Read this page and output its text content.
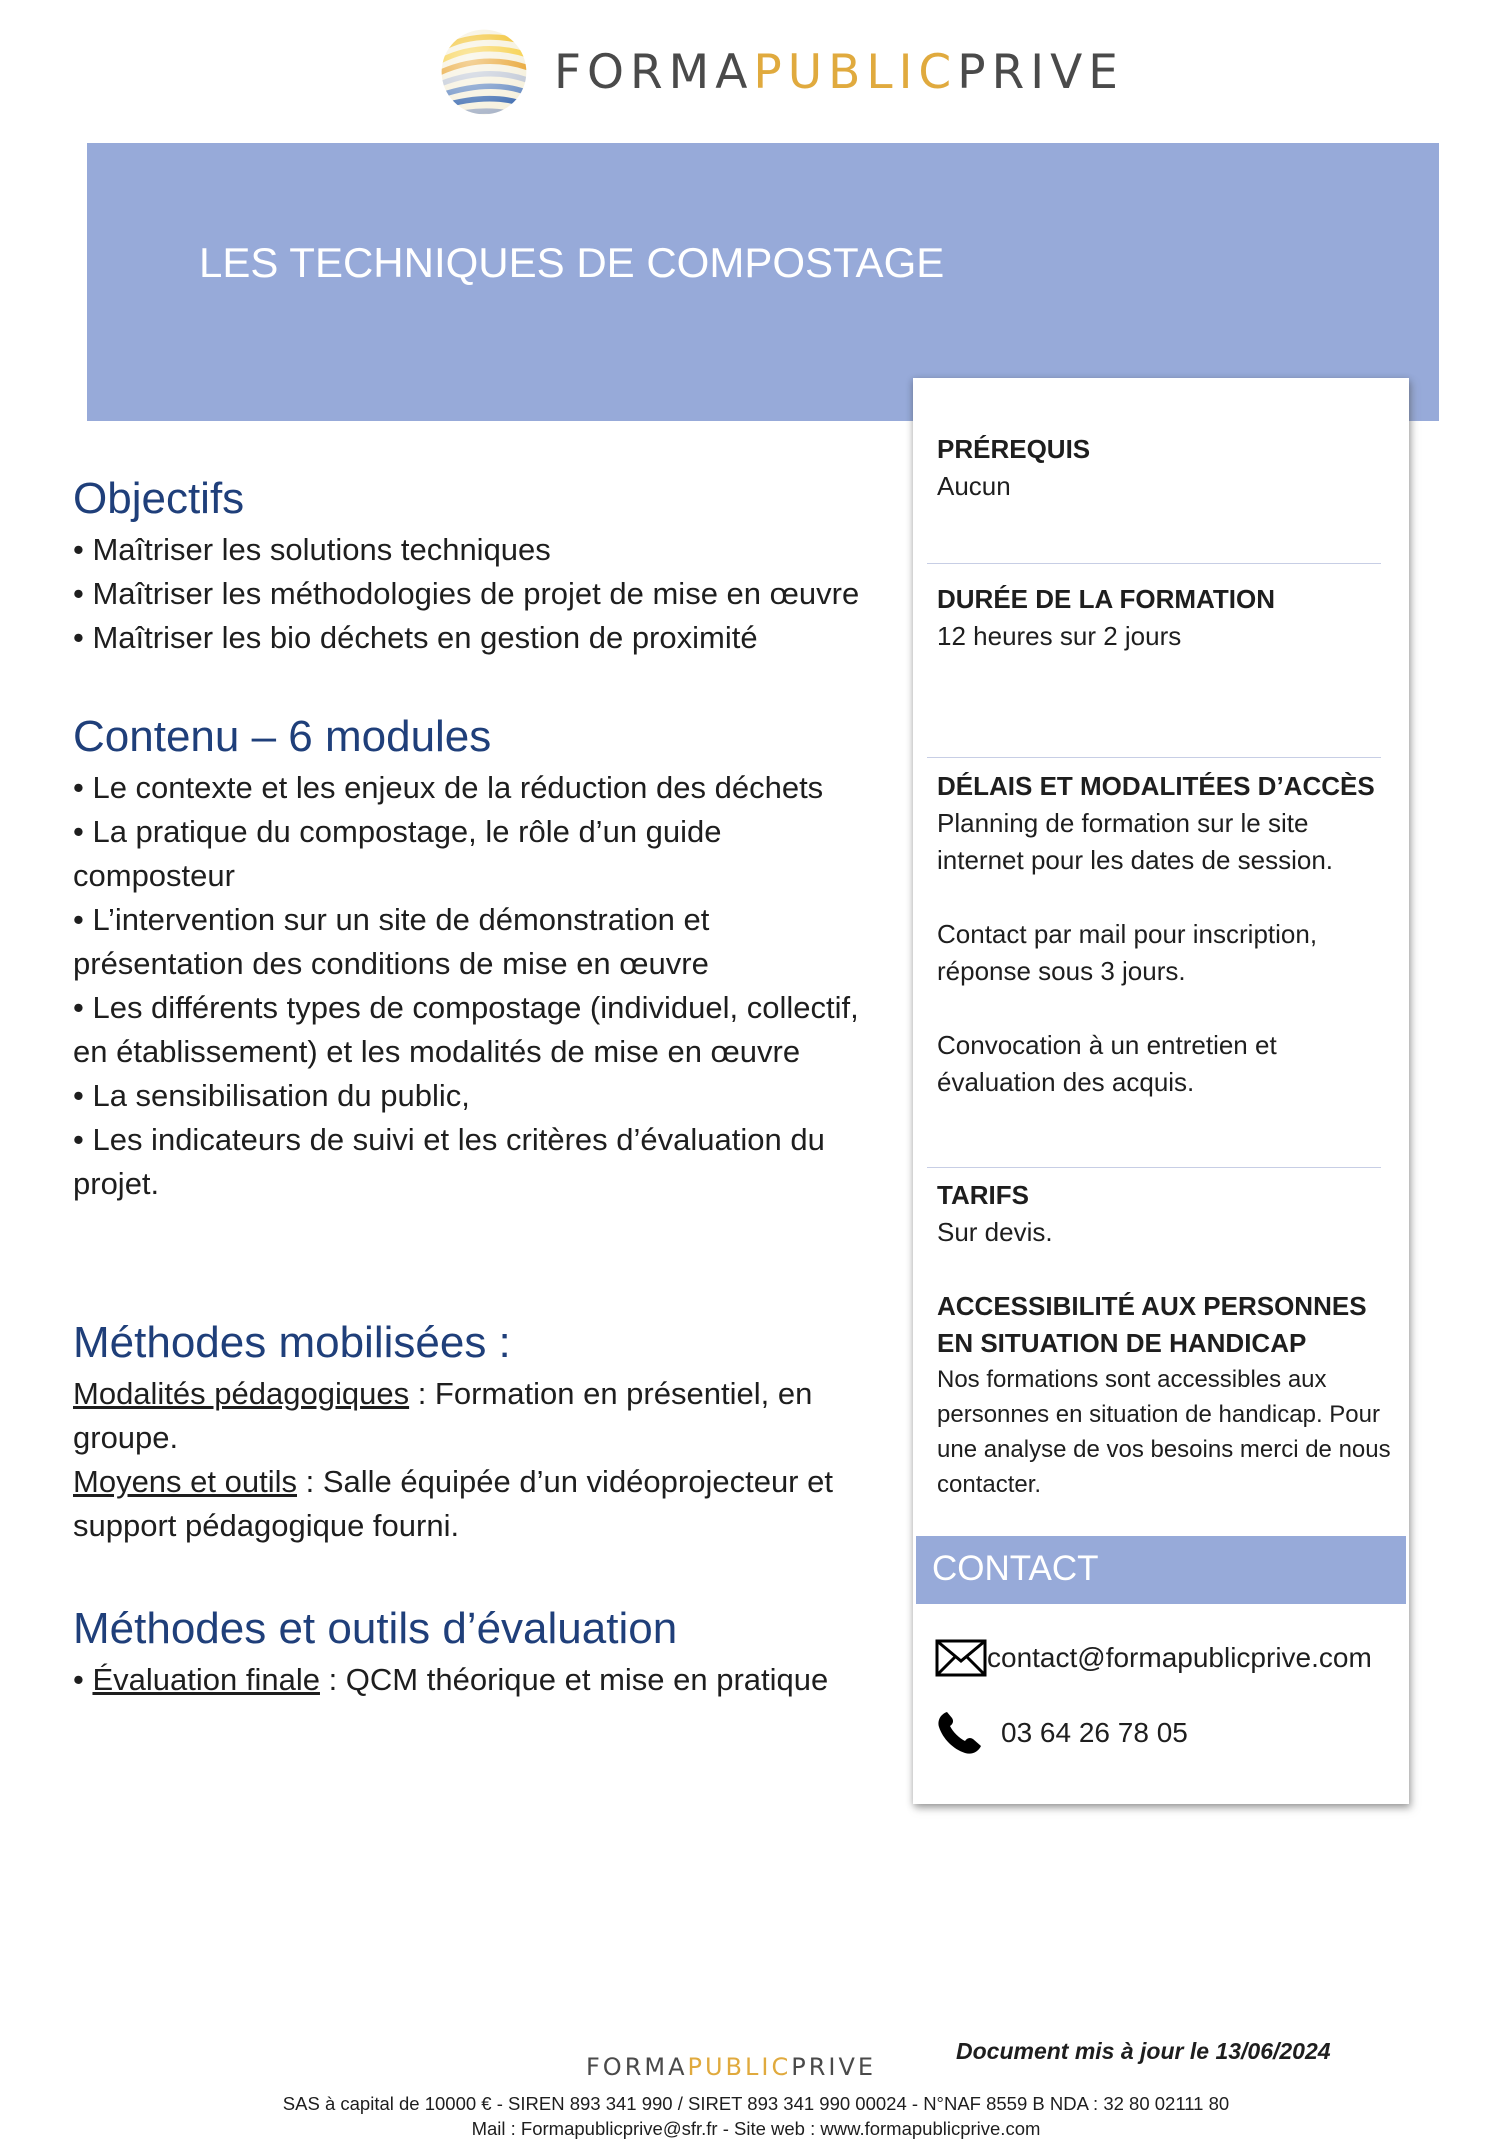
FORMAPUBLICPRIVE
LES TECHNIQUES DE COMPOSTAGE
Objectifs
• Maîtriser les solutions techniques
• Maîtriser les méthodologies de projet de mise en œuvre
• Maîtriser les bio déchets en gestion de proximité
Contenu – 6 modules
• Le contexte et les enjeux de la réduction des déchets
• La pratique du compostage, le rôle d’un guide composteur
• L’intervention sur un site de démonstration et présentation des conditions de mise en œuvre
• Les différents types de compostage (individuel, collectif, en établissement) et les modalités de mise en œuvre
• La sensibilisation du public,
• Les indicateurs de suivi et les critères d’évaluation du projet.
Méthodes mobilisées :
Modalités pédagogiques : Formation en présentiel, en groupe.
Moyens et outils : Salle équipée d’un vidéoprojecteur et support pédagogique fourni.
Méthodes et outils d’évaluation
• Évaluation finale : QCM théorique et mise en pratique
PRÉREQUIS
Aucun
DURÉE DE LA FORMATION
12 heures sur 2 jours
DÉLAIS ET MODALITÉES D’ACCÈS
Planning de formation sur le site internet pour les dates de session.
Contact par mail pour inscription, réponse sous 3 jours.
Convocation à un entretien et évaluation des acquis.
TARIFS
Sur devis.
ACCESSIBILITÉ AUX PERSONNES EN SITUATION DE HANDICAP
Nos formations sont accessibles aux personnes en situation de handicap. Pour une analyse de vos besoins merci de nous contacter.
CONTACT
contact@formapublicprive.com
03 64 26 78 05
Document mis à jour le 13/06/2024
FORMAPUBLICPRIVE
SAS à capital de 10000 € - SIREN 893 341 990 / SIRET 893 341 990 00024 - N°NAF 8559 B NDA : 32 80 02111 80
Mail : Formapublicprive@sfr.fr - Site web : www.formapublicprive.com
